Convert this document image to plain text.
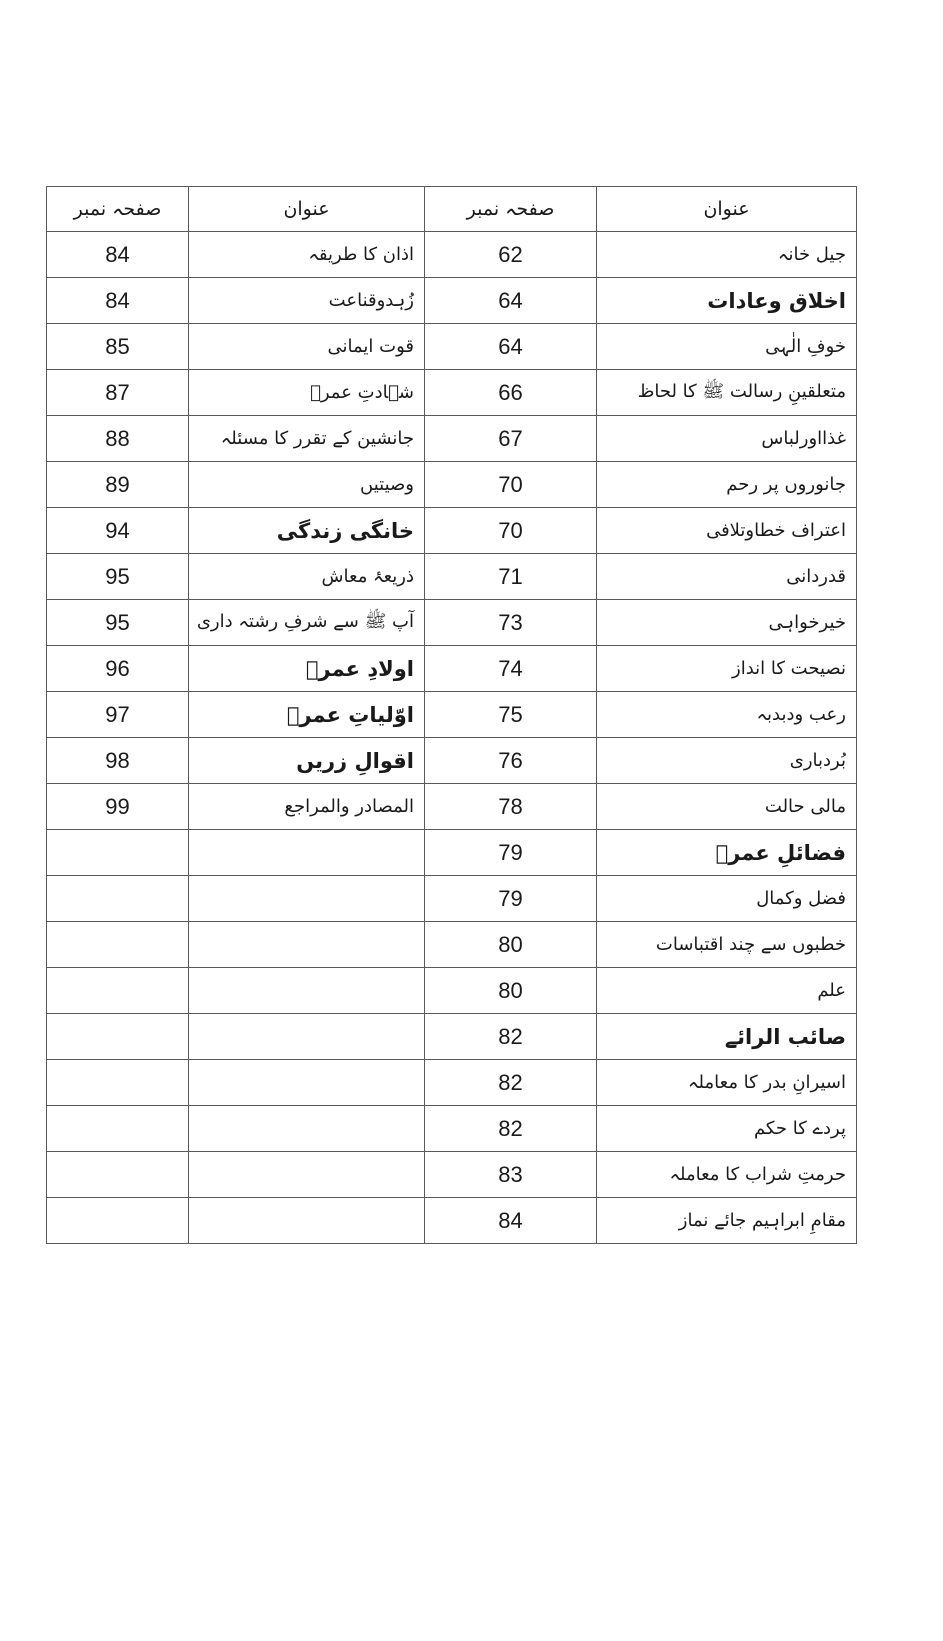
صفحہ نمبر	عنوان	صفحہ نمبر	عنوان
84	اذان کا طریقہ	62	جیل خانہ
84	زُہدوقناعت	64	اخلاق وعادات
85	قوت ایمانی	64	خوفِ الٰہی
87	شہادتِ عمرؓ	66	متعلقینِ رسالت ﷺ کا لحاظ
88	جانشین کے تقرر کا مسئلہ	67	غذااورلباس
89	وصیتیں	70	جانوروں پر رحم
94	خانگی زندگی	70	اعتراف خطاوتلافی
95	ذریعۂ معاش	71	قدردانی
95	آپ ﷺ سے شرفِ رشتہ داری	73	خیرخواہی
96	اولادِ عمرؓ	74	نصیحت کا انداز
97	اوّلیاتِ عمرؓ	75	رعب ودبدبہ
98	اقوالِ زریں	76	بُردباری
99	المصادر والمراجع	78	مالی حالت
		79	فضائلِ عمرؓ
		79	فضل وکمال
		80	خطبوں سے چند اقتباسات
		80	علم
		82	صائب الرائے
		82	اسیرانِ بدر کا معاملہ
		82	پردے کا حکم
		83	حرمتِ شراب کا معاملہ
		84	مقامِ ابراہیم جائے نماز
